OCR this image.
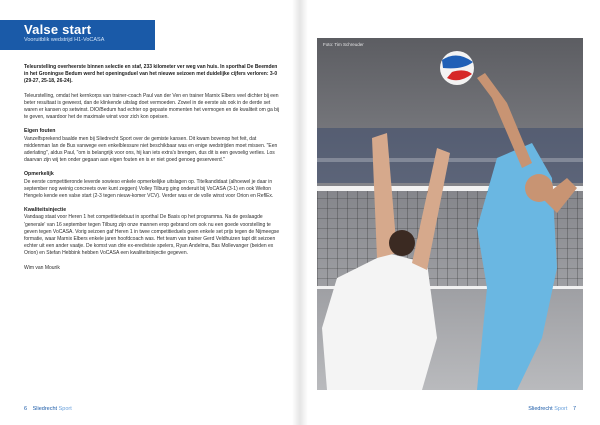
Valse start
Vooruitblik wedstrijd H1-VoCASA

Teleurstelling overheerste binnen selectie en staf, 233 kilometer ver weg van huis. In sporthal De Beemden in het Groningse Bedum werd het openingsduel van het nieuwe seizoen met duidelijke cijfers verloren: 3-0 (29-27, 25-18, 26-24).

Teleurstelling, omdat het kernkorps van trainer-coach Paul van der Ven en trainer Marnix Elbers veel dichter bij een beter resultaat is geweest, dan de klinkende uitslag doet vermoeden. Zowel in de eerste als ook in de derde set waren er kansen op setwinst. DIO/Bedum had echter op gepaste momenten het vermogen en de kwaliteit om ga bij te geven, waardoor het de maximale winst voor zich kon opeisen.

Eigen fouten

Vanzelfsprekend baalde men bij Sliedrecht Sport over de gemiste kansen. Dit kwam bovenop het feit, dat middenman Ian de Bus vanwege een enkelblessure niet beschikbaar was en enige wedstrijden moet missen. "Een aderlating", aldus Paul, "om is belangrijk voor ons, hij kan iets extra's brengen, dus dit is een gevoelig verlies. Los daarvan zijn wij ten onder gegaan aan eigen fouten en is er niet goed genoeg geserveerd."

Opmerkelijk

De eerste competitieronde leverde sowieso enkele opmerkelijke uitslagen op. Titelkandidaat (alhoewel je daar in september nog weinig concreets over kunt zeggen) Volley Tilburg ging onderuit bij VoCASA (3-1) en ook Welton Hengelo kende een valse start (2-3 tegen nieuw-komer VCV). Verder was er de volle winst voor Orion en ReflEx.

Kwaliteitsinjectie

Vandaag staat voor Heren 1 het competitiedebuut in sporthal De Basis op het programma. Na de geslaagde 'generale' van 16 september tegen Tilburg zijn onze mannen erop gebrand om ook nu een goede voorstelling te geven tegen VoCASA. Vorig seizoen gaf Heren 1 in twee competitieduels geen enkele set prijs tegen de Nijmeegse formatie, waar Marnix Elbers enkele jaren hoofdcoach was. Het team van trainer Gerd Veldhuizen tapt dit seizoen echter uit een ander vaatje. De komst van drie ex-eredivisie spelers, Ryan Andelma, Bas Mollevanger (beiden ex Orion) en Stefan Hebbink hebben VoCASA een kwaliteitsinjectie gegeven.

Wim van Mourik

6 Sliedrecht Sport
Foto: Tim Schreuder
Sliedrecht Sport 7
